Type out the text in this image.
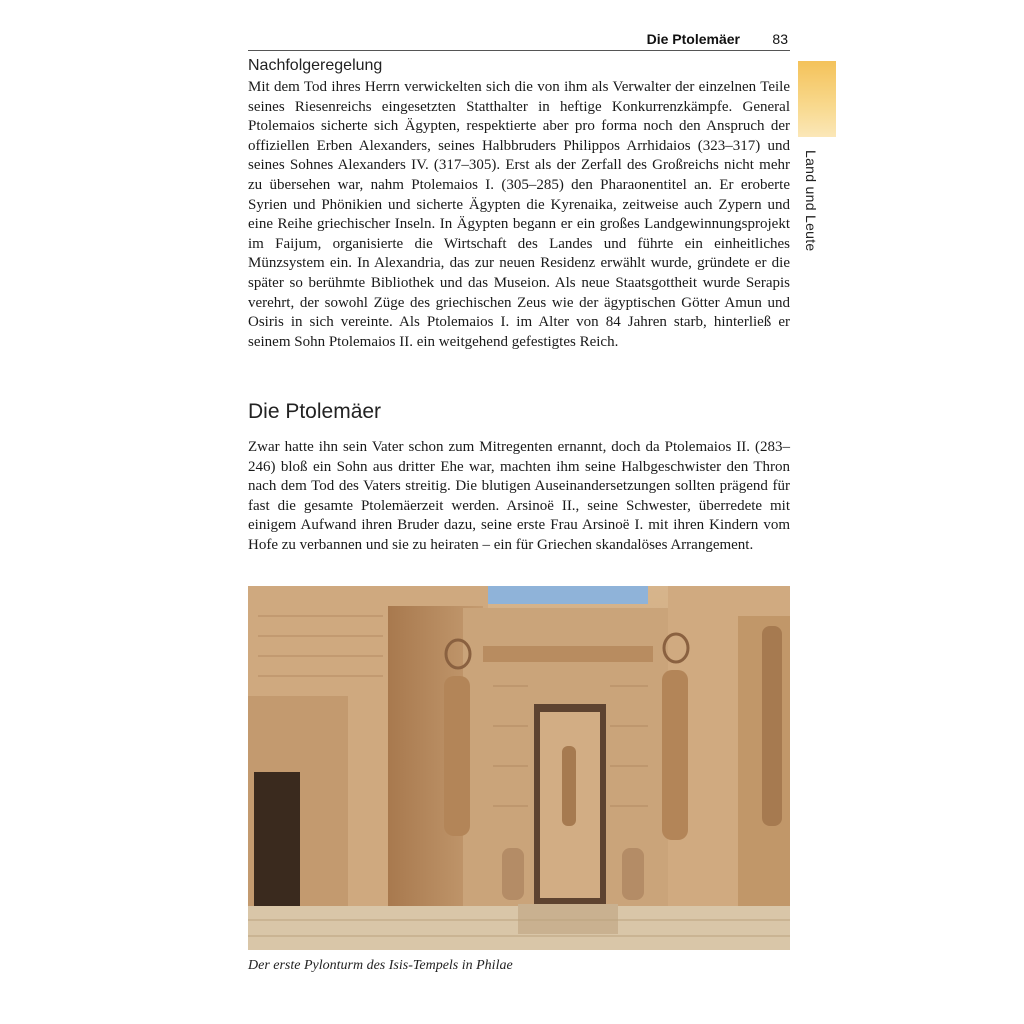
Die Ptolemäer 83
Land und Leute
Nachfolgeregelung

Mit dem Tod ihres Herrn verwickelten sich die von ihm als Verwalter der einzelnen Teile seines Riesenreichs eingesetzten Statthalter in heftige Konkurrenzkämpfe. General Ptolemaios sicherte sich Ägypten, respektierte aber pro forma noch den Anspruch der offiziellen Erben Alexanders, seines Halbbruders Philippos Arrhidaios (323–317) und seines Sohnes Alexanders IV. (317–305). Erst als der Zerfall des Großreichs nicht mehr zu übersehen war, nahm Ptolemaios I. (305–285) den Pharaonentitel an. Er eroberte Syrien und Phönikien und sicherte Ägypten die Kyrenaika, zeitweise auch Zypern und eine Reihe griechischer Inseln. In Ägypten begann er ein großes Landgewinnungsprojekt im Faijum, organisierte die Wirtschaft des Landes und führte ein einheitliches Münzsystem ein. In Alexandria, das zur neuen Residenz erwählt wurde, gründete er die später so berühmte Bibliothek und das Museion. Als neue Staatsgottheit wurde Serapis verehrt, der sowohl Züge des griechischen Zeus wie der ägyptischen Götter Amun und Osiris in sich vereinte. Als Ptolemaios I. im Alter von 84 Jahren starb, hinterließ er seinem Sohn Ptolemaios II. ein weitgehend gefestigtes Reich.

Die Ptolemäer

Zwar hatte ihn sein Vater schon zum Mitregenten ernannt, doch da Ptolemaios II. (283–246) bloß ein Sohn aus dritter Ehe war, machten ihm seine Halbgeschwister den Thron nach dem Tod des Vaters streitig. Die blutigen Auseinandersetzungen sollten prägend für fast die gesamte Ptolemäerzeit werden. Arsinoë II., seine Schwester, überredete mit einigem Aufwand ihren Bruder dazu, seine erste Frau Arsinoë I. mit ihren Kindern vom Hofe zu verbannen und sie zu heiraten – ein für Griechen skandalöses Arrangement.

Der erste Pylonturm des Isis-Tempels in Philae
